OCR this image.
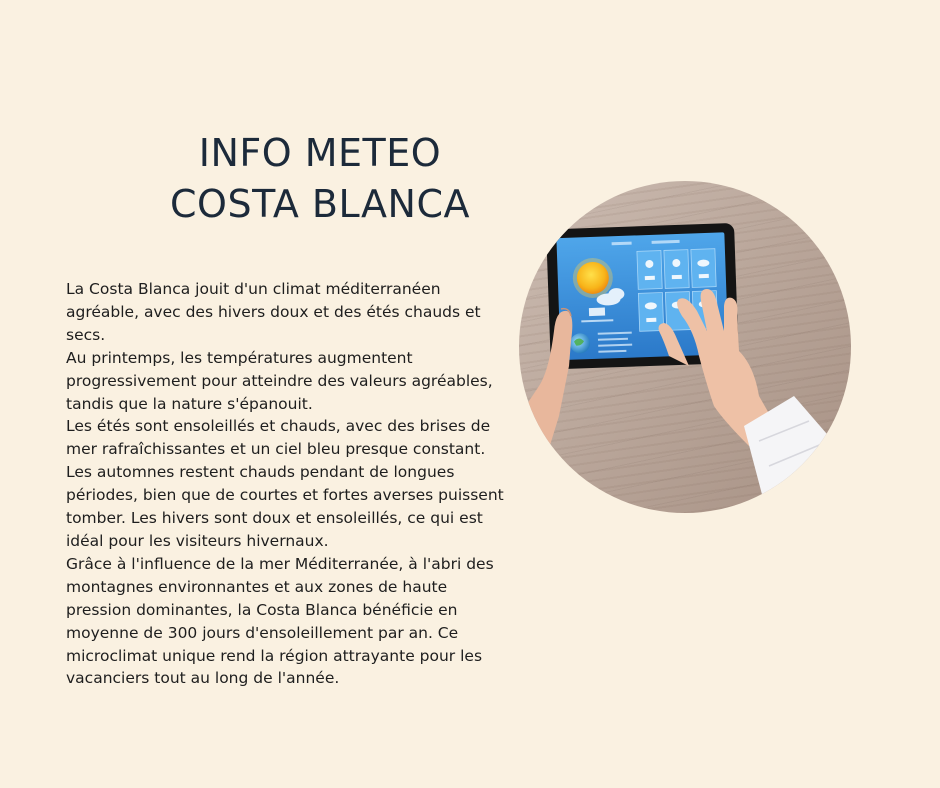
INFO METEO
COSTA BLANCA

La Costa Blanca jouit d'un climat méditerranéen agréable, avec des hivers doux et des étés chauds et secs.

Au printemps, les températures augmentent progressivement pour atteindre des valeurs agréables, tandis que la nature s'épanouit.

Les étés sont ensoleillés et chauds, avec des brises de mer rafraîchissantes et un ciel bleu presque constant.

Les automnes restent chauds pendant de longues périodes, bien que de courtes et fortes averses puissent tomber. Les hivers sont doux et ensoleillés, ce qui est idéal pour les visiteurs hivernaux.

Grâce à l'influence de la mer Méditerranée, à l'abri des montagnes environnantes et aux zones de haute pression dominantes, la Costa Blanca bénéficie en moyenne de 300 jours d'ensoleillement par an. Ce microclimat unique rend la région attrayante pour les vacanciers tout au long de l'année.
